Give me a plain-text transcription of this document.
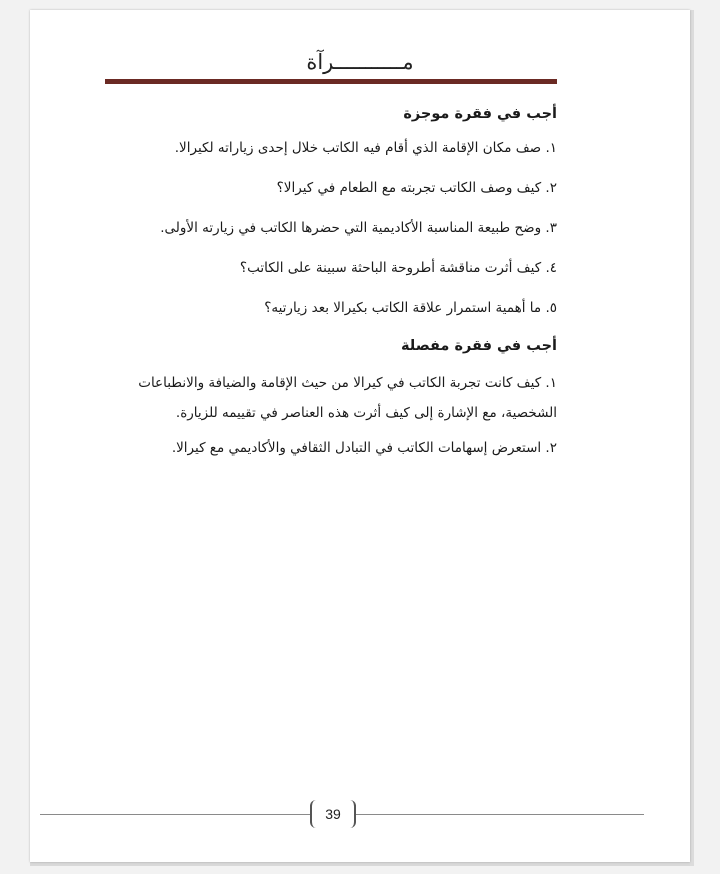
مـــــــــــرآة
أجب في فقرة موجزة
١. صف مكان الإقامة الذي أقام فيه الكاتب خلال إحدى زياراته لكيرالا.
٢. كيف وصف الكاتب تجربته مع الطعام في كيرالا؟
٣. وضح طبيعة المناسبة الأكاديمية التي حضرها الكاتب في زيارته الأولى.
٤. كيف أثرت مناقشة أطروحة الباحثة سبينة على الكاتب؟
٥. ما أهمية استمرار علاقة الكاتب بكيرالا بعد زيارتيه؟
أجب في فقرة مفصلة
١. كيف كانت تجربة الكاتب في كيرالا من حيث الإقامة والضيافة والانطباعات الشخصية، مع الإشارة إلى كيف أثرت هذه العناصر في تقييمه للزيارة.
٢. استعرض إسهامات الكاتب في التبادل الثقافي والأكاديمي مع كيرالا.
39
